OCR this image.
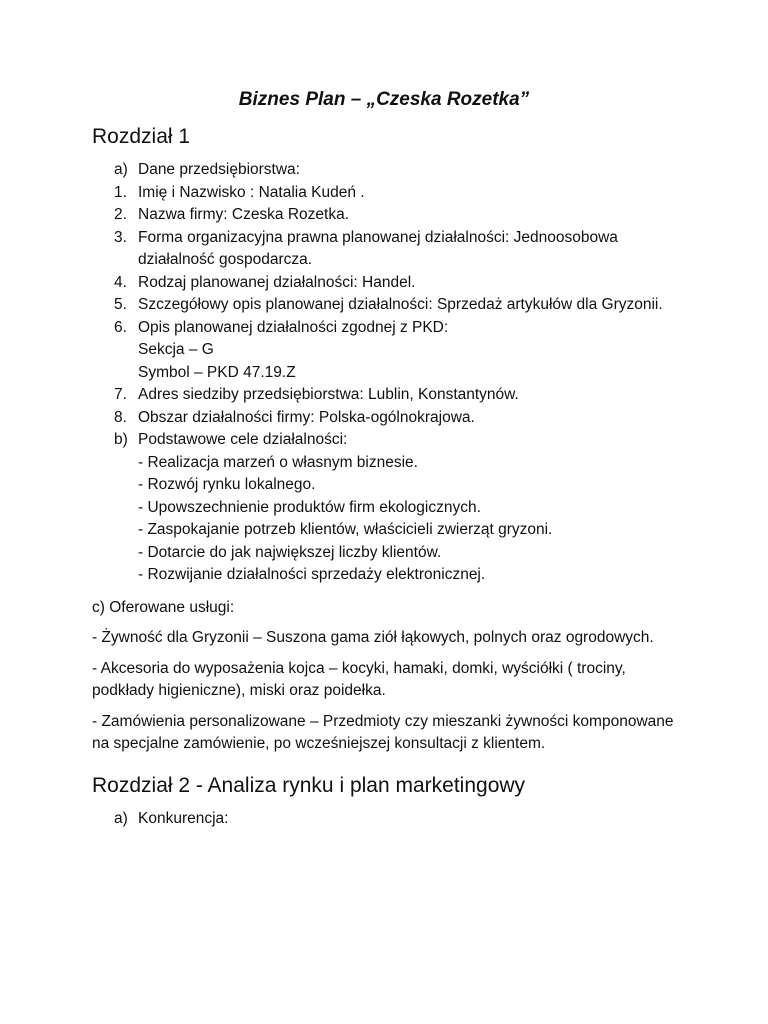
Biznes Plan – „Czeska Rozetka”
Rozdział 1
a) Dane przedsiębiorstwa:
1. Imię i Nazwisko : Natalia Kudeń .
2. Nazwa firmy: Czeska Rozetka.
3. Forma organizacyjna prawna planowanej działalności: Jednoosobowa działalność gospodarcza.
4. Rodzaj planowanej działalności: Handel.
5. Szczegółowy opis planowanej działalności: Sprzedaż artykułów dla Gryzonii.
6. Opis planowanej działalności zgodnej z PKD:
Sekcja – G
Symbol – PKD 47.19.Z
7. Adres siedziby przedsiębiorstwa: Lublin, Konstantynów.
8. Obszar działalności firmy: Polska-ogólnokrajowa.
b) Podstawowe cele działalności:
- Realizacja marzeń o własnym biznesie.
- Rozwój rynku lokalnego.
- Upowszechnienie produktów firm ekologicznych.
- Zaspokajanie potrzeb klientów, właścicieli zwierząt gryzoni.
- Dotarcie do jak największej liczby klientów.
- Rozwijanie działalności sprzedaży elektronicznej.

c) Oferowane usługi:

- Żywność dla Gryzonii – Suszona gama ziół łąkowych, polnych oraz ogrodowych.

- Akcesoria do wyposażenia kojca – kocyki, hamaki, domki, wyściółki ( trociny, podkłady higieniczne), miski oraz poidełka.

- Zamówienia personalizowane – Przedmioty czy mieszanki żywności komponowane na specjalne zamówienie, po wcześniejszej konsultacji z klientem.

Rozdział 2 - Analiza rynku i plan marketingowy
a) Konkurencja:
